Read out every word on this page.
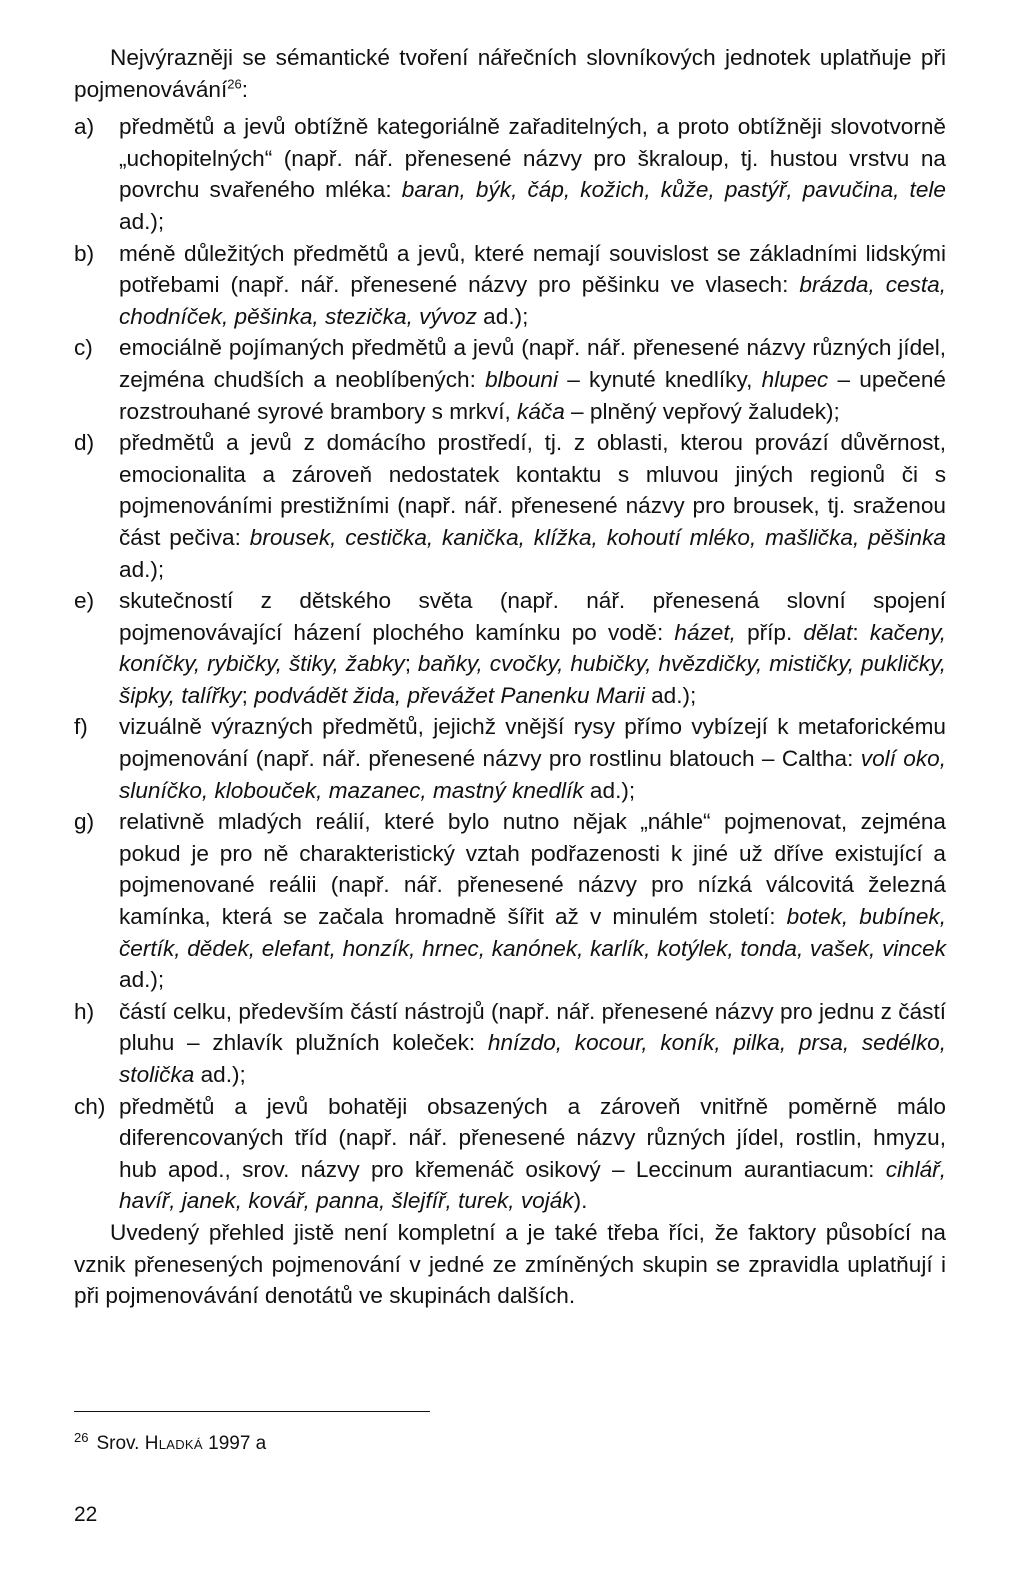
Nejvýrazněji se sémantické tvoření nářečních slovníkových jednotek uplatňuje při pojmenovávání$^{26}$:

a) předmětů a jevů obtížně kategoriálně zařaditelných, a proto obtížněji slovotvorně „uchopitelných“ (např. nář. přenesené názvy pro škraloup, tj. hustou vrstvu na povrchu svařeného mléka: baran, býk, čáp, kožich, kůže, pastýř, pavučina, tele ad.);
b) méně důležitých předmětů a jevů, které nemají souvislost se základními lidskými potřebami (např. nář. přenesené názvy pro pěšinku ve vlasech: brázda, cesta, chodníček, pěšinka, stezička, vývoz ad.);
c) emociálně pojímaných předmětů a jevů (např. nář. přenesené názvy různých jídel, zejména chudších a neoblíbených: blbouni – kynuté knedlíky, hlupec – upečené rozstrouhané syrové brambory s mrkví, káča – plněný vepřový žaludek);
d) předmětů a jevů z domácího prostředí, tj. z oblasti, kterou provází důvěrnost, emocionalita a zároveň nedostatek kontaktu s mluvou jiných regionů či s pojmenováními prestižními (např. nář. přenesené názvy pro brousek, tj. sraženou část pečiva: brousek, cestička, kanička, klížka, kohoutí mléko, mašlička, pěšinka ad.);
e) skutečností z dětského světa (např. nář. přenesená slovní spojení pojmenovávající házení plochého kamínku po vodě: házet, příp. dělat: kačeny, koníčky, rybičky, štiky, žabky; baňky, cvočky, hubičky, hvězdičky, mističky, pukličky, šipky, talířky; podvádět žida, převážet Panenku Marii ad.);
f) vizuálně výrazných předmětů, jejichž vnější rysy přímo vybízejí k metaforickému pojmenování (např. nář. přenesené názvy pro rostlinu blatouch – Caltha: volí oko, sluníčko, klobouček, mazanec, mastný knedlík ad.);
g) relativně mladých reálií, které bylo nutno nějak „náhle“ pojmenovat, zejména pokud je pro ně charakteristický vztah podřazenosti k jiné už dříve existující a pojmenované reálii (např. nář. přenesené názvy pro nízká válcovitá železná kamínka, která se začala hromadně šířit až v minulém století: botek, bubínek, čertík, dědek, elefant, honzík, hrnec, kanónek, karlík, kotýlek, tonda, vašek, vincek ad.);
h) částí celku, především částí nástrojů (např. nář. přenesené názvy pro jednu z částí pluhu – zhlavík plužních koleček: hnízdo, kocour, koník, pilka, prsa, sedélko, stolička ad.);
ch) předmětů a jevů bohatěji obsazených a zároveň vnitřně poměrně málo diferencovaných tříd (např. nář. přenesené názvy různých jídel, rostlin, hmyzu, hub apod., srov. názvy pro křemenáč osikový – Leccinum aurantiacum: cihlář, havíř, janek, kovář, panna, šlejfíř, turek, voják).

Uvedený přehled jistě není kompletní a je také třeba říci, že faktory působící na vznik přenesených pojmenování v jedné ze zmíněných skupin se zpravidla uplatňují i při pojmenovávání denotátů ve skupinách dalších.

$^{26}$ Srov. Hladká 1997 a
22
